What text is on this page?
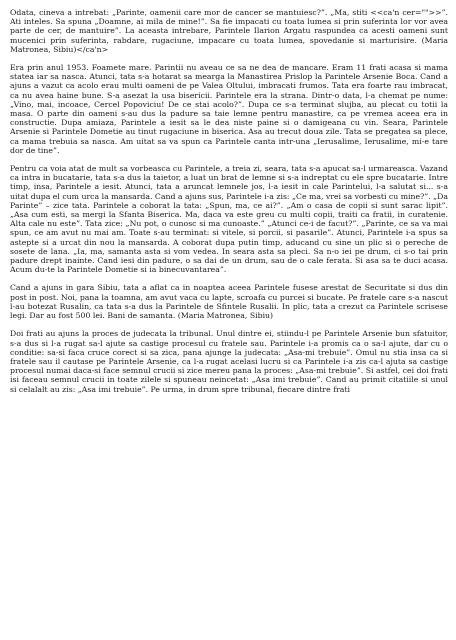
Odata, cineva a intrebat: „Parinte, oamenii care mor de cancer se mantuiesc?”. „Ma, stiti <<ca'n cer="">>”. Ati inteles. Sa spuna „Doamne, ai mila de mine!”. Sa fie impacati cu toata lumea si prin suferinta lor vor avea parte de cer, de mantuire”. La aceasta intrebare, Parintele Ilarion Argatu raspundea ca acesti oameni sunt mucenici prin suferinta, rabdare, rugaciune, impacare cu toata lumea, spovedanie si marturisire. (Maria Matronea, Sibiu)</ca'n>

Era prin anul 1953. Foamete mare. Parintii nu aveau ce sa ne dea de mancare. Eram 11 frati acasa si mama statea iar sa nasca. Atunci, tata s-a hotarat sa mearga la Manastirea Prislop la Parintele Arsenie Boca. Cand a ajuns a vazut ca acolo erau multi oameni de pe Valea Oltului, imbracati frumos. Tata era foarte rau imbracat, ca nu avea haine bune. S-a asezat la usa bisericii. Parintele era la strana. Dintr-o data, l-a chemat pe nume: „Vino, mai, incoace, Cercel Popoviciu! De ce stai acolo?”. Dupa ce s-a terminat slujba, au plecat cu totii la masa. O parte din oameni s-au dus la padure sa taie lemne pentru manastire, ca pe vremea aceea era in constructie. Dupa amiaza, Parintele a iesit sa le dea niste paine si o damigeana cu vin. Seara, Parintele Arsenie si Parintele Dometie au tinut rugaciune in biserica. Asa au trecut doua zile. Tata se pregatea sa plece, ca mama trebuia sa nasca. Am uitat sa va spun ca Parintele canta intr-una „Ierusalime, Ierusalime, mi-e tare dor de tine”.

Pentru ca voia atat de mult sa vorbeasca cu Parintele, a treia zi, seara, tata s-a apucat sa-l urmareasca. Vazand ca intra in bucatarie, tata s-a dus la taietor, a luat un brat de lemne si s-a indreptat cu ele spre bucatarie. Intre timp, insa, Parintele a iesit. Atunci, tata a aruncat lemnele jos, l-a iesit in cale Parintelui, l-a salutat si... s-a uitat dupa el cum urca la mansarda. Cand a ajuns sus, Parintele i-a zis: „Ce ma, vrei sa vorbesti cu mine?”. „Da Parinte” – zice tata. Parintele a coborat la tata: „Spun, ma, ce ai?”. „Am o casa de copii si sunt sarac lipit”. „Asa cum esti, sa mergi la Sfanta Biserica. Ma, daca va este greu cu multi copii, traiti ca fratii, in curatenie. Alta cale nu este”. Tata zice: „Nu pot, o cunosc si ma cunoaste.” „Atunci ce-i de facut?”. „Parinte, ce sa va mai spun, ce am avut nu mai am. Toate s-au terminat: si vitele, si porcii, si pasarile”. Atunci, Parintele i-a spus sa astepte si a urcat din nou la mansarda. A coborat dupa putin timp, aducand cu sine un plic si o pereche de sosete de lana. „Ia, ma, samanta asta si vom vedea. In seara asta sa pleci. Sa n-o iei pe drum, ci s-o tai prin padure drept inainte. Cand iesi din padure, o sa dai de un drum, sau de o cale ferata. Si asa sa te duci acasa. Acum du-te la Parintele Dometie si ia binecuvantarea”.

Cand a ajuns in gara Sibiu, tata a aflat ca in noaptea aceea Parintele fusese arestat de Securitate si dus din post in post. Noi, pana la toamna, am avut vaca cu lapte, scroafa cu purcei si bucate. Pe fratele care s-a nascut l-au botezat Rusalin, ca tata s-a dus la Parintele de Sfintele Rusalii. In plic, tata a crezut ca Parintele scrisese legi. Dar au fost 500 lei. Bani de samanta. (Maria Matronea, Sibiu)

Doi frati au ajuns la proces de judecata la tribunal. Unul dintre ei, stiindu-l pe Parintele Arsenie bun sfatuitor, s-a dus si l-a rugat sa-l ajute sa castige procesul cu fratele sau. Parintele i-a promis ca o sa-l ajute, dar cu o conditie: sa-si faca cruce corect si sa zica, pana ajunge la judecata: „Asa-mi trebuie”. Omul nu stia insa ca si fratele sau il cautase pe Parintele Arsenie, ca l-a rugat acelasi lucru si ca Parintele i-a zis ca-l ajuta sa castige procesul numai daca-si face semnul crucii si zice mereu pana la proces: „Asa-mi trebuie”. Si astfel, cei doi frati isi faceau semnul crucii in toate zilele si spuneau neincetat: „Asa imi trebuie”. Cand au primit citatiile si unul si celalalt au zis: „Asa imi trebuie”. Pe urma, in drum spre tribunal, fiecare dintre frati
